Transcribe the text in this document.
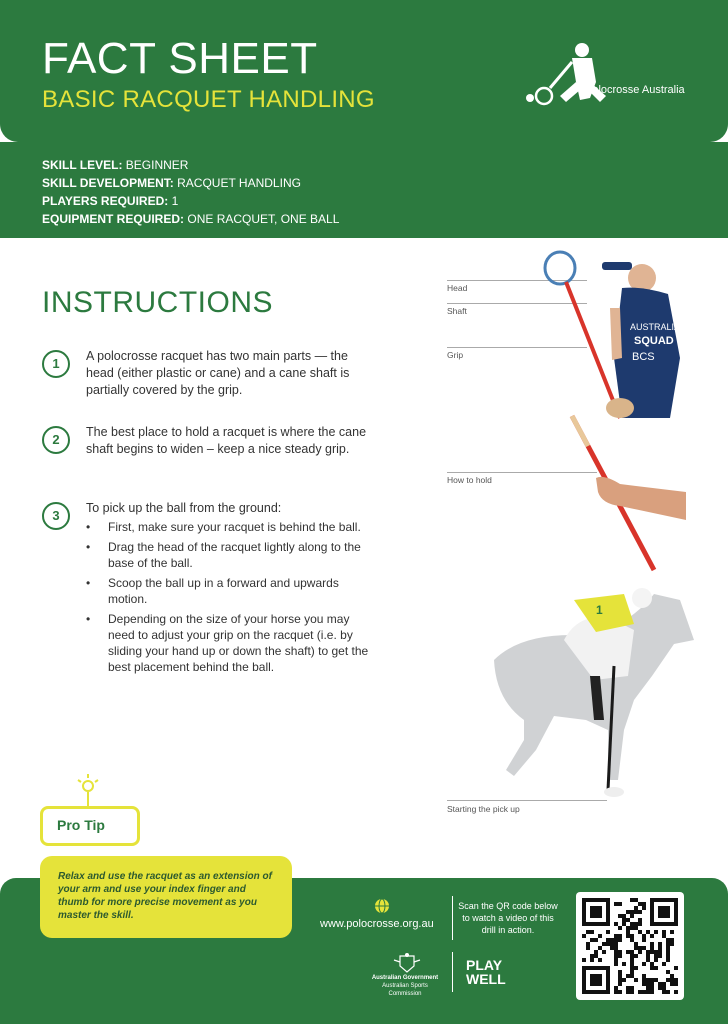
FACT SHEET
BASIC RACQUET HANDLING	Polocrosse Australia
SKILL LEVEL: BEGINNER
SKILL DEVELOPMENT: RACQUET HANDLING
PLAYERS REQUIRED: 1
EQUIPMENT REQUIRED: ONE RACQUET, ONE BALL
INSTRUCTIONS
1	A polocrosse racquet has two main parts — the head (either plastic or cane) and a cane shaft is partially covered by the grip.
2	The best place to hold a racquet is where the cane shaft begins to widen – keep a nice steady grip.
3	To pick up the ball from the ground:
• First, make sure your racquet is behind the ball.
• Drag the head of the racquet lightly along to the base of the ball.
• Scoop the ball up in a forward and upwards motion.
• Depending on the size of your horse you may need to adjust your grip on the racquet (i.e. by sliding your hand up or down the shaft) to get the best placement behind the ball.
Head
Shaft
Grip
How to hold
Starting the pick up
AUSTRALIAN
SQUAD
BCS
1
Pro Tip
Relax and use the racquet as an extension of your arm and use your index finger and thumb for more precise movement as you master the skill.
www.polocrosse.org.au
Scan the QR code below to watch a video of this drill in action.
Australian Government
Australian Sports Commission
PLAY
WELL
